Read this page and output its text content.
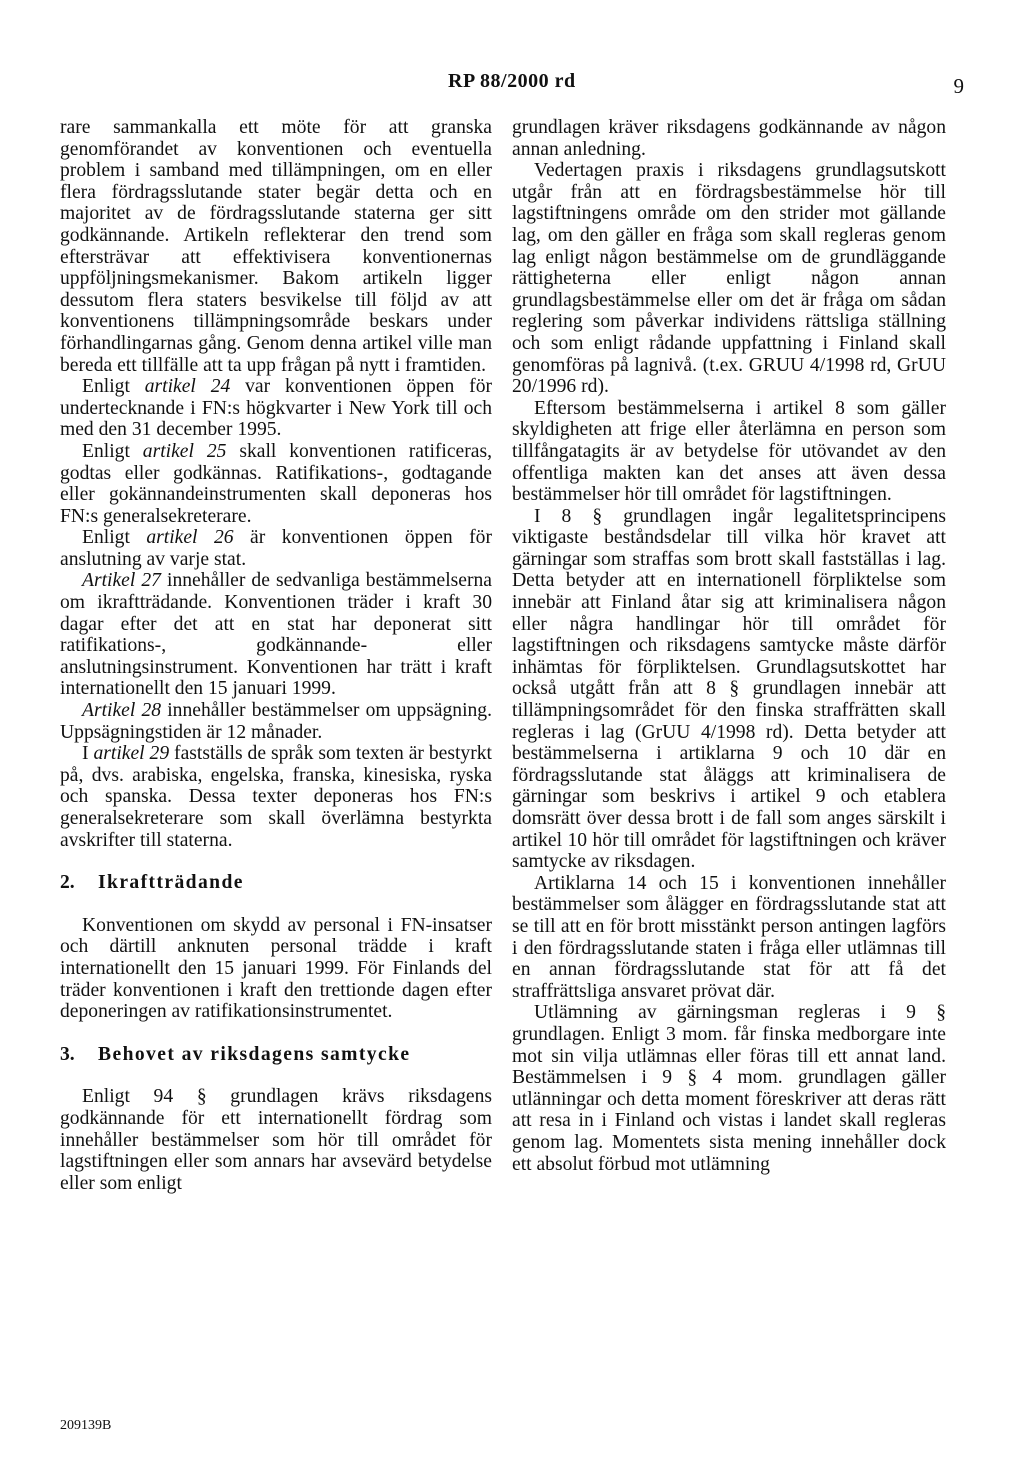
RP 88/2000 rd	9

rare sammankalla ett möte för att granska genomförandet av konventionen och eventuella problem i samband med tillämpningen, om en eller flera fördragsslutande stater begär detta och en majoritet av de fördragsslutande staterna ger sitt godkännande. Artikeln reflekterar den trend som eftersträvar att effektivisera konventionernas uppföljningsmekanismer. Bakom artikeln ligger dessutom flera staters besvikelse till följd av att konventionens tillämpningsområde beskars under förhandlingarnas gång. Genom denna artikel ville man bereda ett tillfälle att ta upp frågan på nytt i framtiden.

Enligt artikel 24 var konventionen öppen för undertecknande i FN:s högkvarter i New York till och med den 31 december 1995.

Enligt artikel 25 skall konventionen ratificeras, godtas eller godkännas. Ratifikations-, godtagande eller gokännandeinstrumenten skall deponeras hos FN:s generalsekreterare.

Enligt artikel 26 är konventionen öppen för anslutning av varje stat.

Artikel 27 innehåller de sedvanliga bestämmelserna om ikraftträdande. Konventionen träder i kraft 30 dagar efter det att en stat har deponerat sitt ratifikations-, godkännande- eller anslutningsinstrument. Konventionen har trätt i kraft internationellt den 15 januari 1999.

Artikel 28 innehåller bestämmelser om uppsägning. Uppsägningstiden är 12 månader.

I artikel 29 fastställs de språk som texten är bestyrkt på, dvs. arabiska, engelska, franska, kinesiska, ryska och spanska. Dessa texter deponeras hos FN:s generalsekreterare som skall överlämna bestyrkta avskrifter till staterna.

2. Ikraftträdande

Konventionen om skydd av personal i FN-insatser och därtill anknuten personal trädde i kraft internationellt den 15 januari 1999. För Finlands del träder konventionen i kraft den trettionde dagen efter deponeringen av ratifikationsinstrumentet.

3. Behovet av riksdagens samtycke

Enligt 94 § grundlagen krävs riksdagens godkännande för ett internationellt fördrag som innehåller bestämmelser som hör till området för lagstiftningen eller som annars har avsevärd betydelse eller som enligt

grundlagen kräver riksdagens godkännande av någon annan anledning.

Vedertagen praxis i riksdagens grundlagsutskott utgår från att en fördragsbestämmelse hör till lagstiftningens område om den strider mot gällande lag, om den gäller en fråga som skall regleras genom lag enligt någon bestämmelse om de grundläggande rättigheterna eller enligt någon annan grundlagsbestämmelse eller om det är fråga om sådan reglering som påverkar individens rättsliga ställning och som enligt rådande uppfattning i Finland skall genomföras på lagnivå. (t.ex. GRUU 4/1998 rd, GrUU 20/1996 rd).

Eftersom bestämmelserna i artikel 8 som gäller skyldigheten att frige eller återlämna en person som tillfångatagits är av betydelse för utövandet av den offentliga makten kan det anses att även dessa bestämmelser hör till området för lagstiftningen.

I 8 § grundlagen ingår legalitetsprincipens viktigaste beståndsdelar till vilka hör kravet att gärningar som straffas som brott skall fastställas i lag. Detta betyder att en internationell förpliktelse som innebär att Finland åtar sig att kriminalisera någon eller några handlingar hör till området för lagstiftningen och riksdagens samtycke måste därför inhämtas för förpliktelsen. Grundlagsutskottet har också utgått från att 8 § grundlagen innebär att tillämpningsområdet för den finska straffrätten skall regleras i lag (GrUU 4/1998 rd). Detta betyder att bestämmelserna i artiklarna 9 och 10 där en fördragsslutande stat åläggs att kriminalisera de gärningar som beskrivs i artikel 9 och etablera domsrätt över dessa brott i de fall som anges särskilt i artikel 10 hör till området för lagstiftningen och kräver samtycke av riksdagen.

Artiklarna 14 och 15 i konventionen innehåller bestämmelser som ålägger en fördragsslutande stat att se till att en för brott misstänkt person antingen lagförs i den fördragsslutande staten i fråga eller utlämnas till en annan fördragsslutande stat för att få det straffrättsliga ansvaret prövat där.

Utlämning av gärningsman regleras i 9 § grundlagen. Enligt 3 mom. får finska medborgare inte mot sin vilja utlämnas eller föras till ett annat land. Bestämmelsen i 9 § 4 mom. grundlagen gäller utlänningar och detta moment föreskriver att deras rätt att resa in i Finland och vistas i landet skall regleras genom lag. Momentets sista mening innehåller dock ett absolut förbud mot utlämning

209139B
